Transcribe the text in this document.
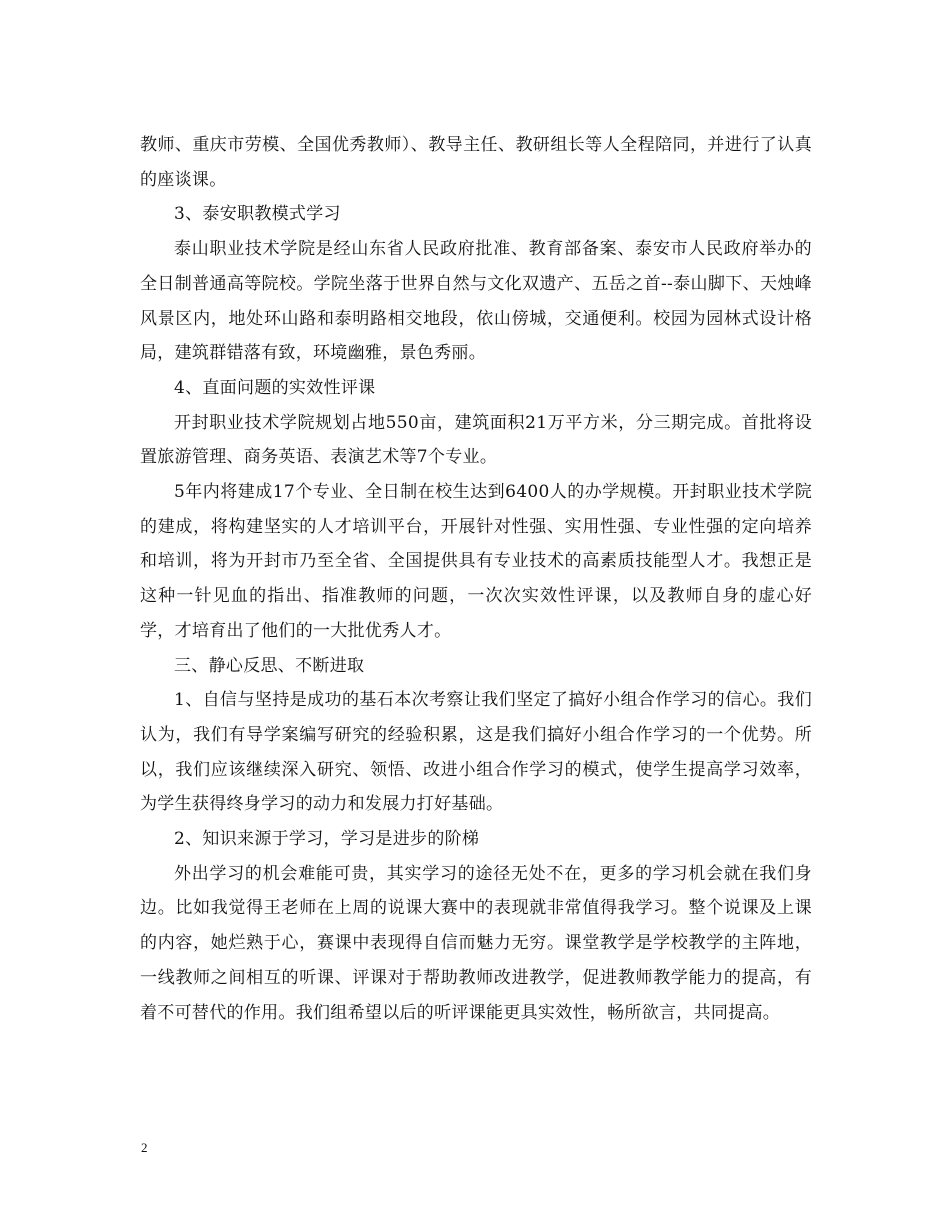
教师、重庆市劳模、全国优秀教师）、教导主任、教研组长等人全程陪同，并进行了认真的座谈课。

3、泰安职教模式学习

泰山职业技术学院是经山东省人民政府批准、教育部备案、泰安市人民政府举办的全日制普通高等院校。学院坐落于世界自然与文化双遗产、五岳之首--泰山脚下、天烛峰风景区内，地处环山路和泰明路相交地段，依山傍城，交通便利。校园为园林式设计格局，建筑群错落有致，环境幽雅，景色秀丽。

4、直面问题的实效性评课

开封职业技术学院规划占地550亩，建筑面积21万平方米，分三期完成。首批将设置旅游管理、商务英语、表演艺术等7个专业。

5年内将建成17个专业、全日制在校生达到6400人的办学规模。开封职业技术学院的建成，将构建坚实的人才培训平台，开展针对性强、实用性强、专业性强的定向培养和培训，将为开封市乃至全省、全国提供具有专业技术的高素质技能型人才。我想正是这种一针见血的指出、指准教师的问题，一次次实效性评课，以及教师自身的虚心好学，才培育出了他们的一大批优秀人才。

三、静心反思、不断进取

1、自信与坚持是成功的基石本次考察让我们坚定了搞好小组合作学习的信心。我们认为，我们有导学案编写研究的经验积累，这是我们搞好小组合作学习的一个优势。所以，我们应该继续深入研究、领悟、改进小组合作学习的模式，使学生提高学习效率，为学生获得终身学习的动力和发展力打好基础。

2、知识来源于学习，学习是进步的阶梯

外出学习的机会难能可贵，其实学习的途径无处不在，更多的学习机会就在我们身边。比如我觉得王老师在上周的说课大赛中的表现就非常值得我学习。整个说课及上课的内容，她烂熟于心，赛课中表现得自信而魅力无穷。课堂教学是学校教学的主阵地，一线教师之间相互的听课、评课对于帮助教师改进教学，促进教师教学能力的提高，有着不可替代的作用。我们组希望以后的听评课能更具实效性，畅所欲言，共同提高。

2
